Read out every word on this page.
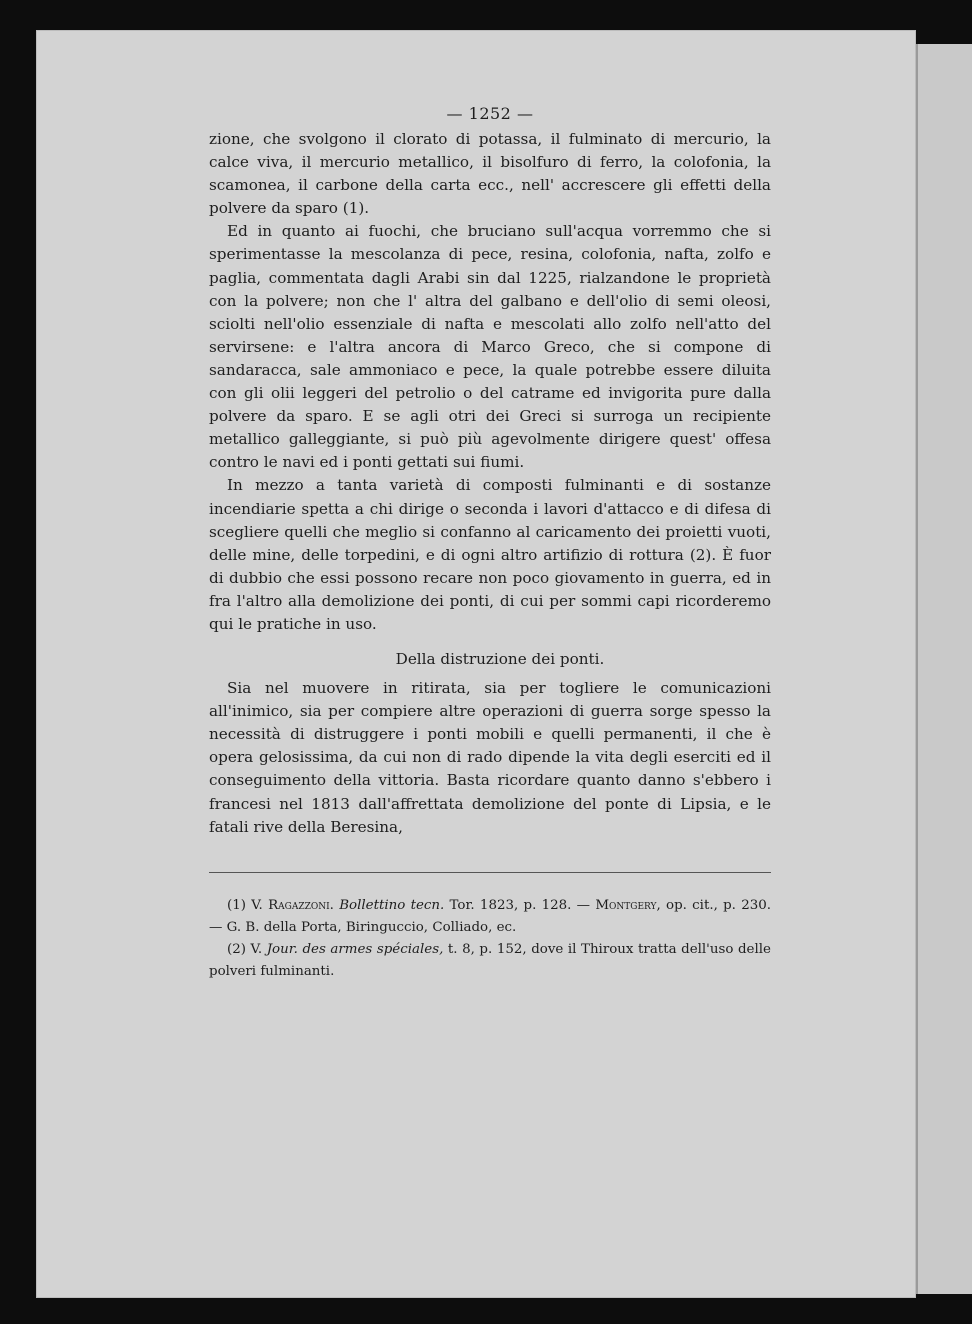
— 1252 —

zione, che svolgono il clorato di potassa, il fulminato di mercurio, la calce viva, il mercurio metallico, il bisolfuro di ferro, la colofonia, la scamonea, il carbone della carta ecc., nell' accrescere gli effetti della polvere da sparo (1).

Ed in quanto ai fuochi, che bruciano sull'acqua vorremmo che si sperimentasse la mescolanza di pece, resina, colofonia, nafta, zolfo e paglia, commentata dagli Arabi sin dal 1225, rialzandone le proprietà con la polvere; non che l' altra del galbano e dell'olio di semi oleosi, sciolti nell'olio essenziale di nafta e mescolati allo zolfo nell'atto del servirsene: e l'altra ancora di Marco Greco, che si compone di sandaracca, sale ammoniaco e pece, la quale potrebbe essere diluita con gli olii leggeri del petrolio o del catrame ed invigorita pure dalla polvere da sparo. E se agli otri dei Greci si surroga un recipiente metallico galleggiante, si può più agevolmente dirigere quest' offesa contro le navi ed i ponti gettati sui fiumi.

In mezzo a tanta varietà di composti fulminanti e di sostanze incendiarie spetta a chi dirige o seconda i lavori d'attacco e di difesa di scegliere quelli che meglio si confanno al caricamento dei proietti vuoti, delle mine, delle torpedini, e di ogni altro artifizio di rottura (2). È fuor di dubbio che essi possono recare non poco giovamento in guerra, ed in fra l'altro alla demolizione dei ponti, di cui per sommi capi ricorderemo qui le pratiche in uso.

Della distruzione dei ponti.

Sia nel muovere in ritirata, sia per togliere le comunicazioni all'inimico, sia per compiere altre operazioni di guerra sorge spesso la necessità di distruggere i ponti mobili e quelli permanenti, il che è opera gelosissima, da cui non di rado dipende la vita degli eserciti ed il conseguimento della vittoria. Basta ricordare quanto danno s'ebbero i francesi nel 1813 dall'affrettata demolizione del ponte di Lipsia, e le fatali rive della Beresina,

(1) V. Ragazzoni. Bollettino tecn. Tor. 1823, p. 128. — Montgery, op. cit., p. 230. — G. B. della Porta, Biringuccio, Colliado, ec.

(2) V. Jour. des armes spéciales, t. 8, p. 152, dove il Thiroux tratta dell'uso delle polveri fulminanti.
